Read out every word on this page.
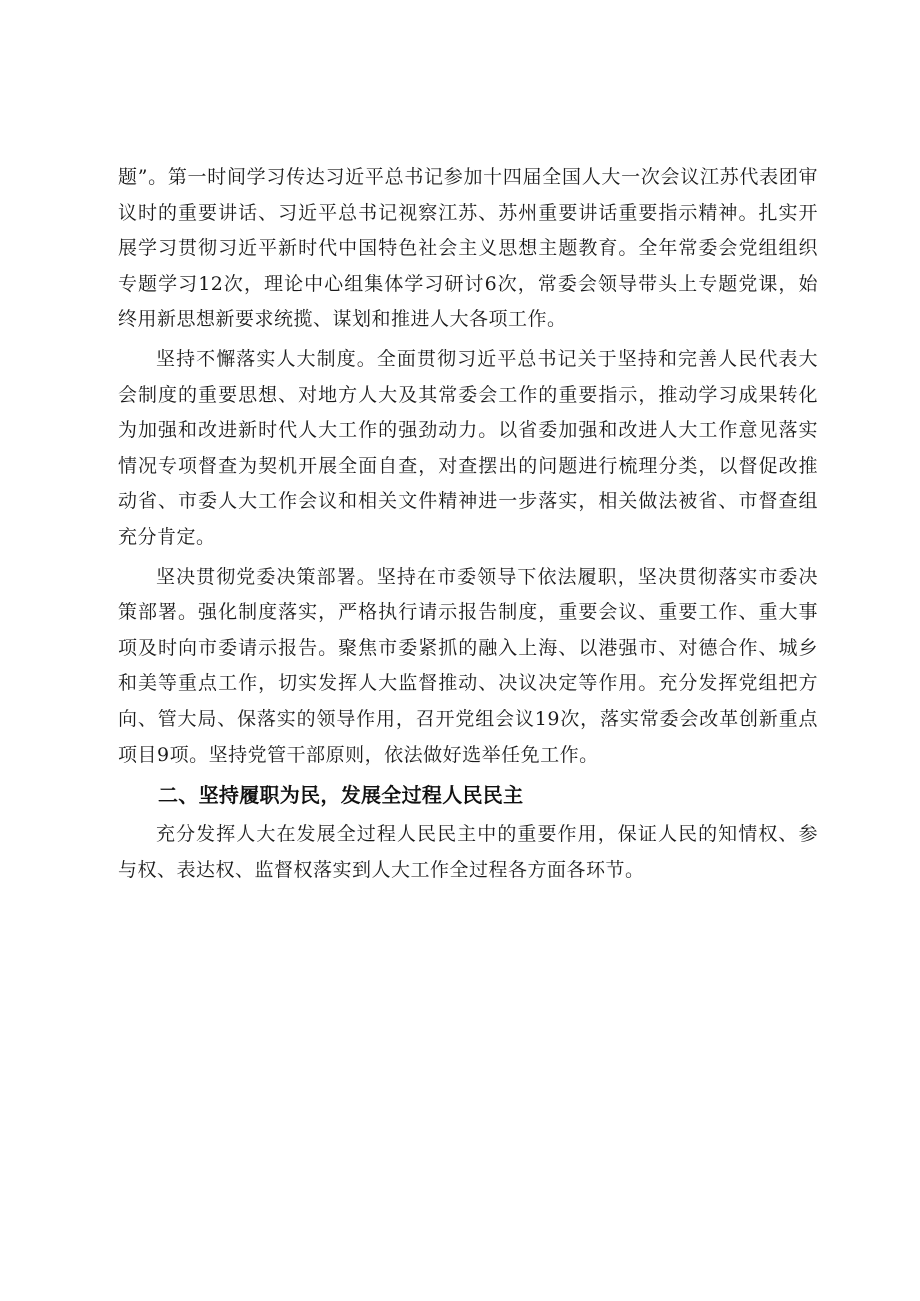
题”。第一时间学习传达习近平总书记参加十四届全国人大一次会议江苏代表团审议时的重要讲话、习近平总书记视察江苏、苏州重要讲话重要指示精神。扎实开展学习贯彻习近平新时代中国特色社会主义思想主题教育。全年常委会党组组织专题学习12次，理论中心组集体学习研讨6次，常委会领导带头上专题党课，始终用新思想新要求统揽、谋划和推进人大各项工作。

坚持不懈落实人大制度。全面贯彻习近平总书记关于坚持和完善人民代表大会制度的重要思想、对地方人大及其常委会工作的重要指示，推动学习成果转化为加强和改进新时代人大工作的强劲动力。以省委加强和改进人大工作意见落实情况专项督查为契机开展全面自查，对查摆出的问题进行梳理分类，以督促改推动省、市委人大工作会议和相关文件精神进一步落实，相关做法被省、市督查组充分肯定。

坚决贯彻党委决策部署。坚持在市委领导下依法履职，坚决贯彻落实市委决策部署。强化制度落实，严格执行请示报告制度，重要会议、重要工作、重大事项及时向市委请示报告。聚焦市委紧抓的融入上海、以港强市、对德合作、城乡和美等重点工作，切实发挥人大监督推动、决议决定等作用。充分发挥党组把方向、管大局、保落实的领导作用，召开党组会议19次，落实常委会改革创新重点项目9项。坚持党管干部原则，依法做好选举任免工作。

二、坚持履职为民，发展全过程人民民主

充分发挥人大在发展全过程人民民主中的重要作用，保证人民的知情权、参与权、表达权、监督权落实到人大工作全过程各方面各环节。
